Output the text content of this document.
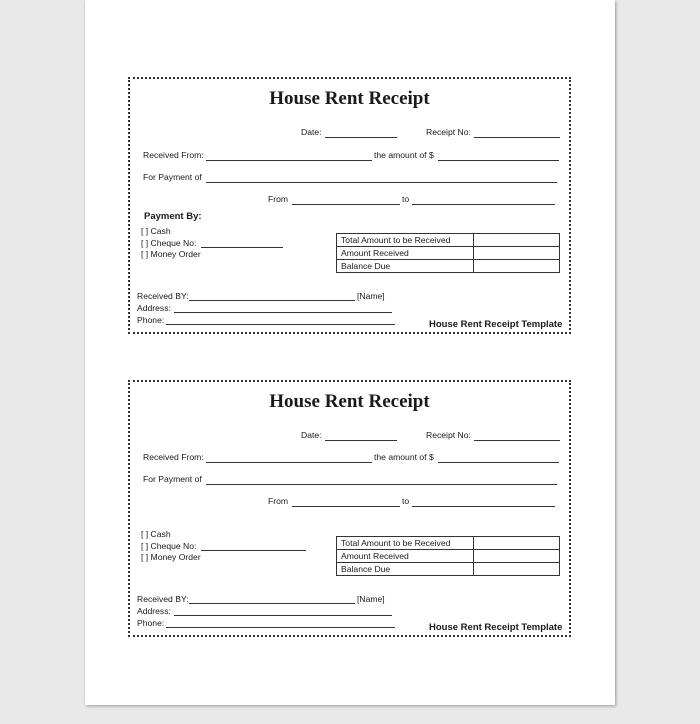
House Rent Receipt
Date:	Receipt No:
Received From:	the amount of $
For Payment of
From	to
Payment By:
[ ] Cash
[ ] Cheque No:
[ ] Money Order
Total Amount to be Received	
Amount Received	
Balance Due	
Received BY:	[Name]
Address:
Phone:	House Rent Receipt Template
House Rent Receipt
Date:	Receipt No:
Received From:	the amount of $
For Payment of
From	to
[ ] Cash
[ ] Cheque No:
[ ] Money Order
Total Amount to be Received	
Amount Received	
Balance Due	
Received BY:	[Name]
Address:
Phone:	House Rent Receipt Template
